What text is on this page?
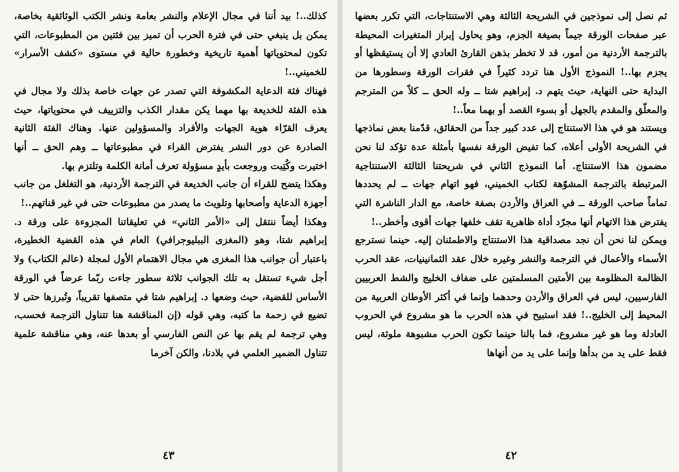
كذلك..! بيد أننا في مجال الإعلام والنشر بعامة ونشر الكتب الوثائقية بخاصة، يمكن بل ينبغي حتى في فترة الحرب أن تميز بين فئتين من المطبوعات، التي تكون لمحتوياتها أهمية تاريخية وخطورة حالية في مستوى «كشف الأسرار» للخميني..!

فهناك فئة الدعاية المكشوفة التي تصدر عن جهات خاصة بذلك ولا مجال في هذه الفئة للخديعة بها مهما يكن مقدار الكذب والتزييف في محتوياتها، حيث يعرف القرّاء هوية الجهات والأفراد والمسؤولين عنها. وهناك الفئة الثانية الصادرة عن دور النشر يفترض القراء في مطبوعاتها ــ وهم الحق ــ أنها اختيرت وكُتِبت وروجعت بأيدٍ مسؤولة تعرف أمانة الكلمة وتلتزم بها.

وهكذا يتضح للقراء أن جانب الخديعة في الترجمة الأردنية، هو التغلغل من جانب أجهزة الدعاية وأصحابها وتلويث ما يصدر من مطبوعات حتى في غير قناتهم..!

وهكذا أيضاً ننتقل إلى «الأمر الثاني» في تعليقاتنا المجزوءة على ورقة د. إبراهيم شتا، وهو (المغزى الببليوجرافي) العام في هذه القضية الخطيرة، باعتبار أن جوانب هذا المغزى هي مجال الاهتمام الأول لمجلة (عالم الكتاب) ولا أجل شيء تستقل به تلك الجوانب ثلاثة سطور جاءت ربّما عرضاً في الورقة الأساس للقضية، حيث وضعها د. إبراهيم شتا في متصفها تقريباً، وتُبرزها حتى لا تضيع في زحمة ما كتبه، وهي قوله (إن المناقشة هنا تتناول الترجمة فحسب، وهي ترجمة لم يقم بها عن النص الفارسي أو بعدها عنه، وهي مناقشة علمية تتناول الضمير العلمي في بلادنا، والكن آخرما

٤٣

ثم نصل إلى نموذجين في الشريحة الثالثة وهي الاستنتاجات، التي تكرر بعضها عبر صفحات الورقة جيماً بصيغة الجزم، وهو يحاول إبراز المتغيرات المحيطة بالترجمة الأردنية من أمور، قد لا تخطر بذهن القارئ العادي إلا أن يستيقظها أو يجزم بها..! النموذج الأول هنا تردد كثيراً في فقرات الورقة وسطورها من البداية حتى النهاية، حيث يتهم د. إبراهيم شتا ــ وله الحق ــ كلاً من المترجم والمعلّق والمقدم بالجهل أو بسوء القصد أو بهما معاً..!

ويستند هو في هذا الاستنتاج إلى عدد كبير جداً من الحقائق، قدّمنا بعض نماذجها في الشريحة الأولى أعلاه، كما تفيض الورقة نفسها بأمثلة عدة تؤكد لنا نحن مضمون هذا الاستنتاج. أما النموذج الثاني في شريحتنا الثالثة الاستنتاجية المرتبطة بالترجمة المشوّهة لكتاب الخميني، فهو اتهام جهات ــ لم يحددها تماماً صاحب الورقة ــ في العراق والأردن بصفة خاصة، مع الدار الناشرة التي يفترض هذا الاتهام أنها مجرّد أداة ظاهرية تقف خلفها جهات أقوى وأخطر..!

ويمكن لنا نحن أن نجد مصداقية هذا الاستنتاج والاطمئنان إليه. حينما نسترجع الأسماء والأعمال في الترجمة والنشر وغيره خلال عقد الثمانينيات، عقد الحرب الظالمة المظلومة بين الأمتين المسلمتين على ضفاف الخليج والشط العربيين الفارسيين، ليس في العراق والأردن وحدهما وإنما في أكثر الأوطان العربية من المحيط إلى الخليج..! فقد استبيح في هذه الحرب ما هو مشروع في الحروب العادلة وما هو غير مشروع، فما بالنا حينما تكون الحرب مشبوهة ملوثة، ليس فقط على يد من بدأها وإنما على يد من أنهاها

٤٢
